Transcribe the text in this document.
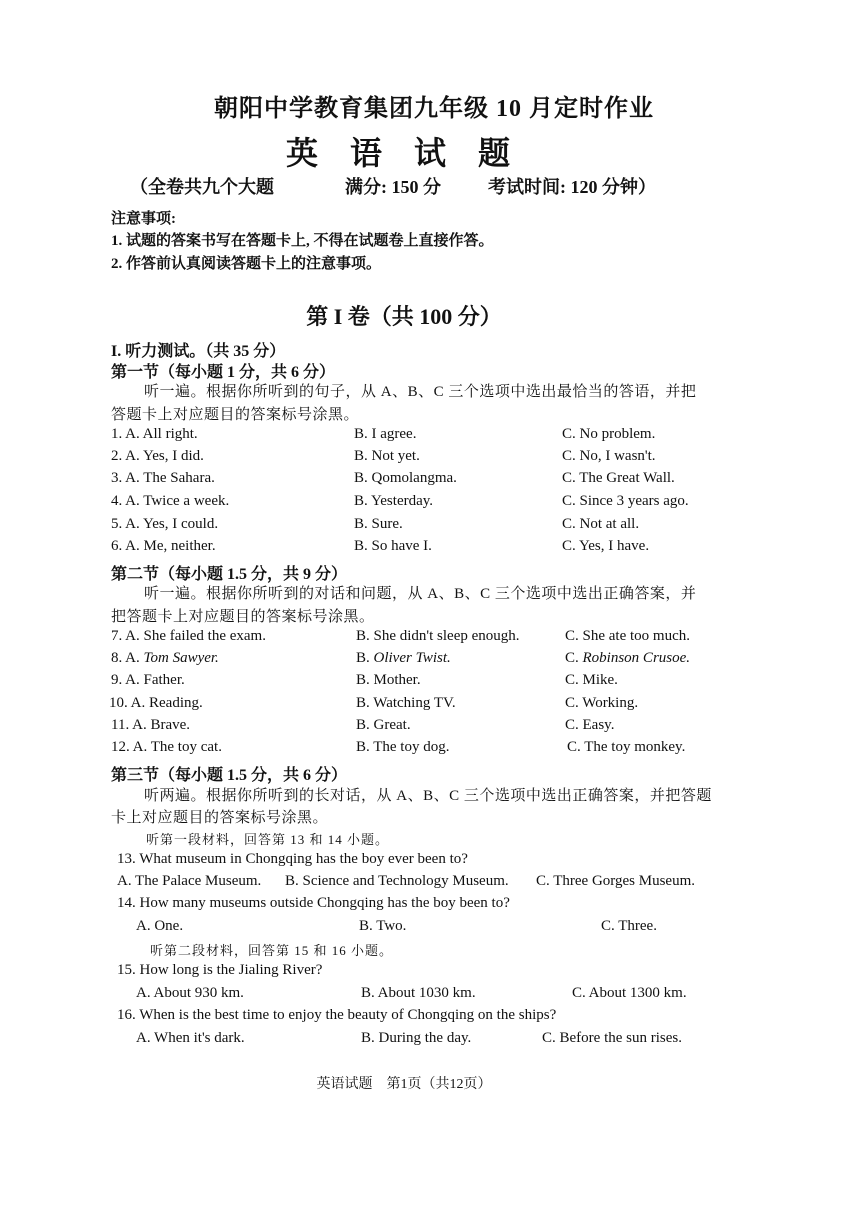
朝阳中学教育集团九年级 10 月定时作业
英 语 试 题
（全卷共九个大题	满分: 150 分	考试时间: 120 分钟）
注意事项:
1. 试题的答案书写在答题卡上, 不得在试题卷上直接作答。
2. 作答前认真阅读答题卡上的注意事项。
第 I 卷（共 100 分）
I. 听力测试。（共 35 分）
第一节（每小题 1 分，共 6 分）
听一遍。根据你所听到的句子，从 A、B、C 三个选项中选出最恰当的答语，并把
答题卡上对应题目的答案标号涂黑。
1. A. All right.	B. I agree.	C. No problem.
2. A. Yes, I did.	B. Not yet.	C. No, I wasn't.
3. A. The Sahara.	B. Qomolangma.	C. The Great Wall.
4. A. Twice a week.	B. Yesterday.	C. Since 3 years ago.
5. A. Yes, I could.	B. Sure.	C. Not at all.
6. A. Me, neither.	B. So have I.	C. Yes, I have.
第二节（每小题 1.5 分，共 9 分）
听一遍。根据你所听到的对话和问题，从 A、B、C 三个选项中选出正确答案，并
把答题卡上对应题目的答案标号涂黑。
7. A. She failed the exam.	B. She didn't sleep enough.	C. She ate too much.
8. A. Tom Sawyer.	B. Oliver Twist.	C. Robinson Crusoe.
9. A. Father.	B. Mother.	C. Mike.
10. A. Reading.	B. Watching TV.	C. Working.
11. A. Brave.	B. Great.	C. Easy.
12. A. The toy cat.	B. The toy dog.	C. The toy monkey.
第三节（每小题 1.5 分，共 6 分）
听两遍。根据你所听到的长对话，从 A、B、C 三个选项中选出正确答案，并把答题
卡上对应题目的答案标号涂黑。
听第一段材料，回答第 13 和 14 小题。
13. What museum in Chongqing has the boy ever been to?
A. The Palace Museum. B. Science and Technology Museum. C. Three Gorges Museum.
14. How many museums outside Chongqing has the boy been to?
A. One.	B. Two.	C. Three.
听第二段材料，回答第 15 和 16 小题。
15. How long is the Jialing River?
A. About 930 km.	B. About 1030 km.	C. About 1300 km.
16. When is the best time to enjoy the beauty of Chongqing on the ships?
A. When it's dark.	B. During the day.	C. Before the sun rises.
英语试题　第1页（共12页）
